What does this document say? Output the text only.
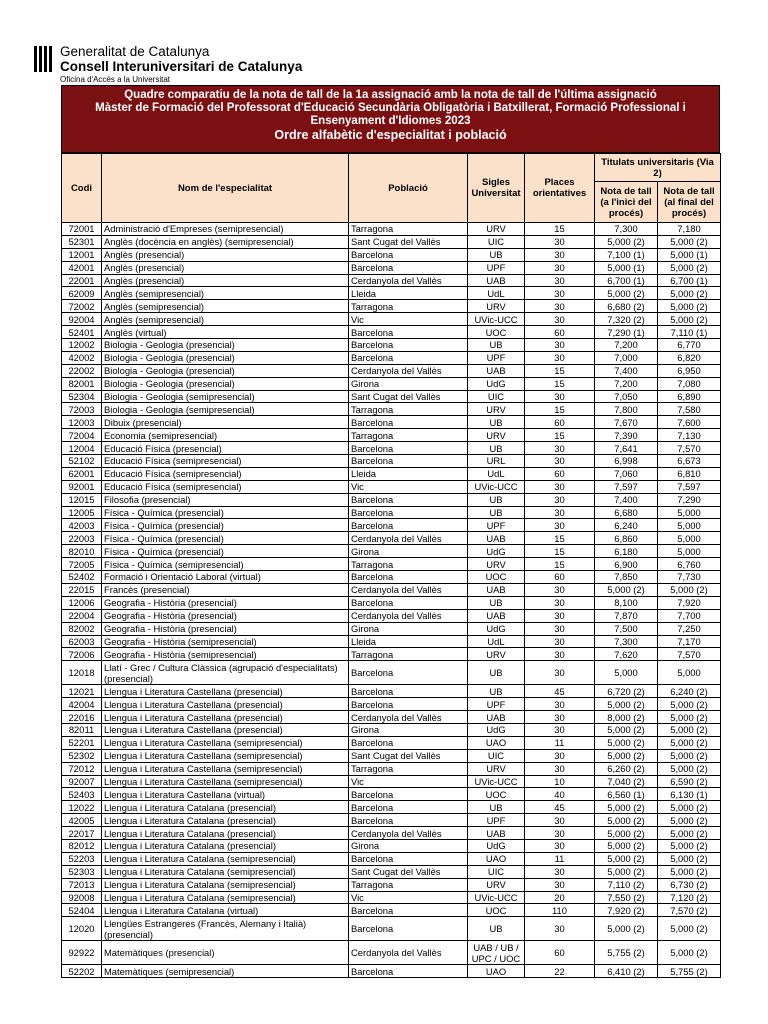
Generalitat de Catalunya
Consell Interuniversitari de Catalunya
Oficina d'Accés a la Universitat
Quadre comparatiu de la nota de tall de la 1a assignació amb la nota de tall de l'última assignació
Màster de Formació del Professorat d'Educació Secundària Obligatòria i Batxillerat, Formació Professional i
Ensenyament d'Idiomes 2023
Ordre alfabètic d'especialitat i població
Codi	Nom de l'especialitat	Població	Sigles Universitat	Places orientatives	Titulats universitaris (Via 2)	
					Nota de tall (a l'inici del procés)	Nota de tall (al final del procés)
72001	Administració d'Empreses (semipresencial)	Tarragona	URV	15	7,300	7,180
52301	Anglès (docència en anglès) (semipresencial)	Sant Cugat del Vallès	UIC	30	5,000 (2)	5,000 (2)
12001	Anglès (presencial)	Barcelona	UB	30	7,100 (1)	5,000 (1)
42001	Anglès (presencial)	Barcelona	UPF	30	5,000 (1)	5,000 (2)
22001	Anglès (presencial)	Cerdanyola del Vallès	UAB	30	6,700 (1)	6,700 (1)
62009	Anglès (semipresencial)	Lleida	UdL	30	5,000 (2)	5,000 (2)
72002	Anglès (semipresencial)	Tarragona	URV	30	6,680 (2)	5,000 (2)
92004	Anglès (semipresencial)	Vic	UVic-UCC	30	7,320 (2)	5,000 (2)
52401	Anglès (virtual)	Barcelona	UOC	60	7,290 (1)	7,110 (1)
12002	Biologia - Geologia (presencial)	Barcelona	UB	30	7,200	6,770
42002	Biologia - Geologia (presencial)	Barcelona	UPF	30	7,000	6,820
22002	Biologia - Geologia (presencial)	Cerdanyola del Vallès	UAB	15	7,400	6,950
82001	Biologia - Geologia (presencial)	Girona	UdG	15	7,200	7,080
52304	Biologia - Geologia (semipresencial)	Sant Cugat del Vallès	UIC	30	7,050	6,890
72003	Biologia - Geologia (semipresencial)	Tarragona	URV	15	7,800	7,580
12003	Dibuix (presencial)	Barcelona	UB	60	7,670	7,600
72004	Economia (semipresencial)	Tarragona	URV	15	7,390	7,130
12004	Educació Física (presencial)	Barcelona	UB	30	7,641	7,570
52102	Educació Física (semipresencial)	Barcelona	URL	30	6,998	6,673
62001	Educació Física (semipresencial)	Lleida	UdL	60	7,060	6,810
92001	Educació Física (semipresencial)	Vic	UVic-UCC	30	7,597	7,597
12015	Filosofia (presencial)	Barcelona	UB	30	7,400	7,290
12005	Física - Química (presencial)	Barcelona	UB	30	6,680	5,000
42003	Física - Química (presencial)	Barcelona	UPF	30	6,240	5,000
22003	Física - Química (presencial)	Cerdanyola del Vallès	UAB	15	6,860	5,000
82010	Física - Química (presencial)	Girona	UdG	15	6,180	5,000
72005	Física - Química (semipresencial)	Tarragona	URV	15	6,900	6,760
52402	Formació i Orientació Laboral (virtual)	Barcelona	UOC	60	7,850	7,730
22015	Francès (presencial)	Cerdanyola del Vallès	UAB	30	5,000 (2)	5,000 (2)
12006	Geografia - Història (presencial)	Barcelona	UB	30	8,100	7,920
22004	Geografia - Història (presencial)	Cerdanyola del Vallès	UAB	30	7,870	7,700
82002	Geografia - Història (presencial)	Girona	UdG	30	7,500	7,250
62003	Geografia - Història (semipresencial)	Lleida	UdL	30	7,300	7,170
72006	Geografia - Història (semipresencial)	Tarragona	URV	30	7,620	7,570
12018	Llatí - Grec / Cultura Clàssica (agrupació d'especialitats) (presencial)	Barcelona	UB	30	5,000	5,000
12021	Llengua i Literatura Castellana (presencial)	Barcelona	UB	45	6,720 (2)	6,240 (2)
42004	Llengua i Literatura Castellana (presencial)	Barcelona	UPF	30	5,000 (2)	5,000 (2)
22016	Llengua i Literatura Castellana (presencial)	Cerdanyola del Vallès	UAB	30	8,000 (2)	5,000 (2)
82011	Llengua i Literatura Castellana (presencial)	Girona	UdG	30	5,000 (2)	5,000 (2)
52201	Llengua i Literatura Castellana (semipresencial)	Barcelona	UAO	11	5,000 (2)	5,000 (2)
52302	Llengua i Literatura Castellana (semipresencial)	Sant Cugat del Vallès	UIC	30	5,000 (2)	5,000 (2)
72012	Llengua i Literatura Castellana (semipresencial)	Tarragona	URV	30	6,260 (2)	5,000 (2)
92007	Llengua i Literatura Castellana (semipresencial)	Vic	UVic-UCC	10	7,040 (2)	6,590 (2)
52403	Llengua i Literatura Castellana (virtual)	Barcelona	UOC	40	6,560 (1)	6,130 (1)
12022	Llengua i Literatura Catalana (presencial)	Barcelona	UB	45	5,000 (2)	5,000 (2)
42005	Llengua i Literatura Catalana (presencial)	Barcelona	UPF	30	5,000 (2)	5,000 (2)
22017	Llengua i Literatura Catalana (presencial)	Cerdanyola del Vallès	UAB	30	5,000 (2)	5,000 (2)
82012	Llengua i Literatura Catalana (presencial)	Girona	UdG	30	5,000 (2)	5,000 (2)
52203	Llengua i Literatura Catalana (semipresencial)	Barcelona	UAO	11	5,000 (2)	5,000 (2)
52303	Llengua i Literatura Catalana (semipresencial)	Sant Cugat del Vallès	UIC	30	5,000 (2)	5,000 (2)
72013	Llengua i Literatura Catalana (semipresencial)	Tarragona	URV	30	7,110 (2)	6,730 (2)
92008	Llengua i Literatura Catalana (semipresencial)	Vic	UVic-UCC	20	7,550 (2)	7,120 (2)
52404	Llengua i Literatura Catalana (virtual)	Barcelona	UOC	110	7,920 (2)	7,570 (2)
12020	Llengües Estrangeres (Francès, Alemany i Italià) (presencial)	Barcelona	UB	30	5,000 (2)	5,000 (2)
92922	Matemàtiques (presencial)	Cerdanyola del Vallès	UAB / UB / UPC / UOC	60	5,755 (2)	5,000 (2)
52202	Matemàtiques (semipresencial)	Barcelona	UAO	22	6,410 (2)	5,755 (2)
